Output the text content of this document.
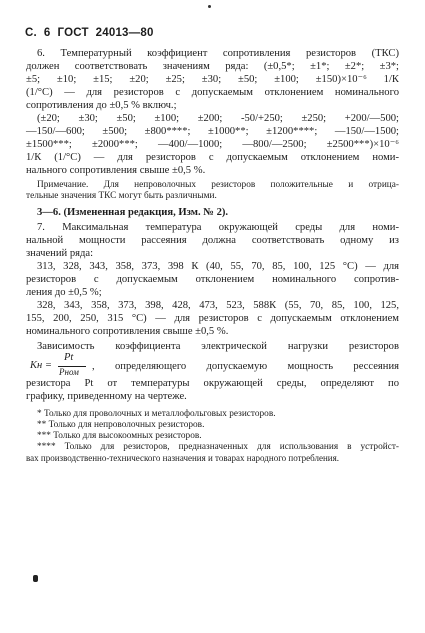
С. 6 ГОСТ 24013—80
6. Температурный коэффициент сопротивления резисторов (ТКС)
должен соответствовать значениям ряда: (±0,5*; ±1*; ±2*; ±3*;
±5; ±10; ±15; ±20; ±25; ±30; ±50; ±100; ±150)×10⁻⁶ 1/К
(1/°С) — для резисторов с допускаемым отклонением номинального
сопротивления до ±0,5 % включ.;
(±20; ±30; ±50; ±100; ±200; -50/+250; ±250; +200/—500;
—150/—600; ±500; ±800****; ±1000**; ±1200****; —150/—1500;
±1500***; ±2000***; —400/—1000; —800/—2500; ±2500***)×10⁻⁶
1/К (1/°С) — для резисторов с допускаемым отклонением номи-
нального сопротивления свыше ±0,5 %.
Примечание. Для непроволочных резисторов положительные и отрица-
тельные значения ТКС могут быть различными.
3—6. (Измененная редакция, Изм. № 2).
7. Максимальная температура окружающей среды для номи-
нальной мощности рассеяния должна соответствовать одному из
значений ряда:
313, 328, 343, 358, 373, 398 К (40, 55, 70, 85, 100, 125 °С) — для
резисторов с допускаемым отклонением номинального сопротив-
ления до ±0,5 %;
328, 343, 358, 373, 398, 428, 473, 523, 588К (55, 70, 85, 100, 125,
155, 200, 250, 315 °С) — для резисторов с допускаемым отклонением
номинального сопротивления свыше ±0,5 %.
Зависимость коэффициента электрической нагрузки резисторов
Kн =
Pt
Pном , определяющего допускаемую мощность рессеяния
резистора Pt от температуры окружающей среды, определяют по
графику, приведенному на чертеже.
* Только для проволочных и металлофольговых резисторов.
** Только для непроволочных резисторов.
*** Только для высокоомных резисторов.
**** Только для резисторов, предназначенных для использования в устройст-
вах производственно-технического назначения и товарах народного потребления.
